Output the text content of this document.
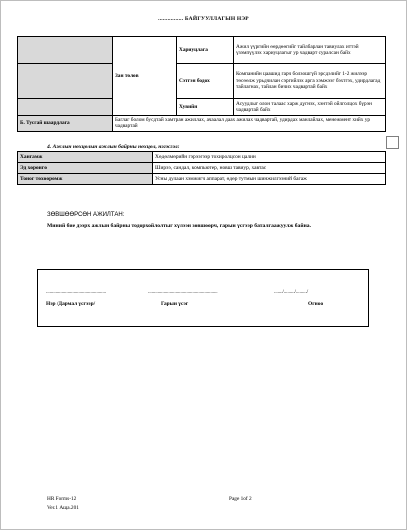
................ БАЙГУУЛЛАГЫН НЭР
	Зан төлөв	Хариуцлага	Ажил үүргийн өөрдөөгийг тайлбарлан тавиулах иттэй үзэмпүүлэх хариуцлагыг ур чадварт суралсан байх
		Сэтгэн бодох	Компанийн цаашид гарч болзошгүй эрсдэлийг 1-2 жилээр төсөөлж урьдчилан сэргийлэх арга хэмжээг бэхтгэх, удирдлагад тайлагнах, тайлан бичих чадвартай байх
		Хувийн	Асуудлыг олон талаас харж дүгнэх, хэнтэй ойлголцох бүрэн чадвартай байх
Б. Тусгай шаардлага	Баглаг болом бусдтай хамтран ажиллах, ачаалал даах ажилах чадвартай, удирдах манлайлах, менежмент хийх ур чадвартай		
4. Ажлын нөхцөлын ажлын байрны нөхцөл, нэгэсгэл:
Хангамж	Хөдөлмөрийн гэрээгээр тохиролцсон цалин
Эд хөрөнгө	Ширээ, сандал, компьютер, новш тавиур, хавтас
Тоног төхөөрөмж	Усны дулаан хэмжигч аппарат, өдөр тутмын шинжилгээний багаж
ЗӨВШӨӨРСӨН АЖИЛТАН:
Миний бие дээрх ажлын байрны тодорхойлолтыг хүлээн зөвшөөрч, гарын үсгээр баталгаажуулж байна.
..................................................	..........................................................	......./........./........./
Нэр /Дармал үсгээр/	Гарын үсэг	Огноо
HR Forms-12
Ver.1 Аща.201
Page 1of 2
